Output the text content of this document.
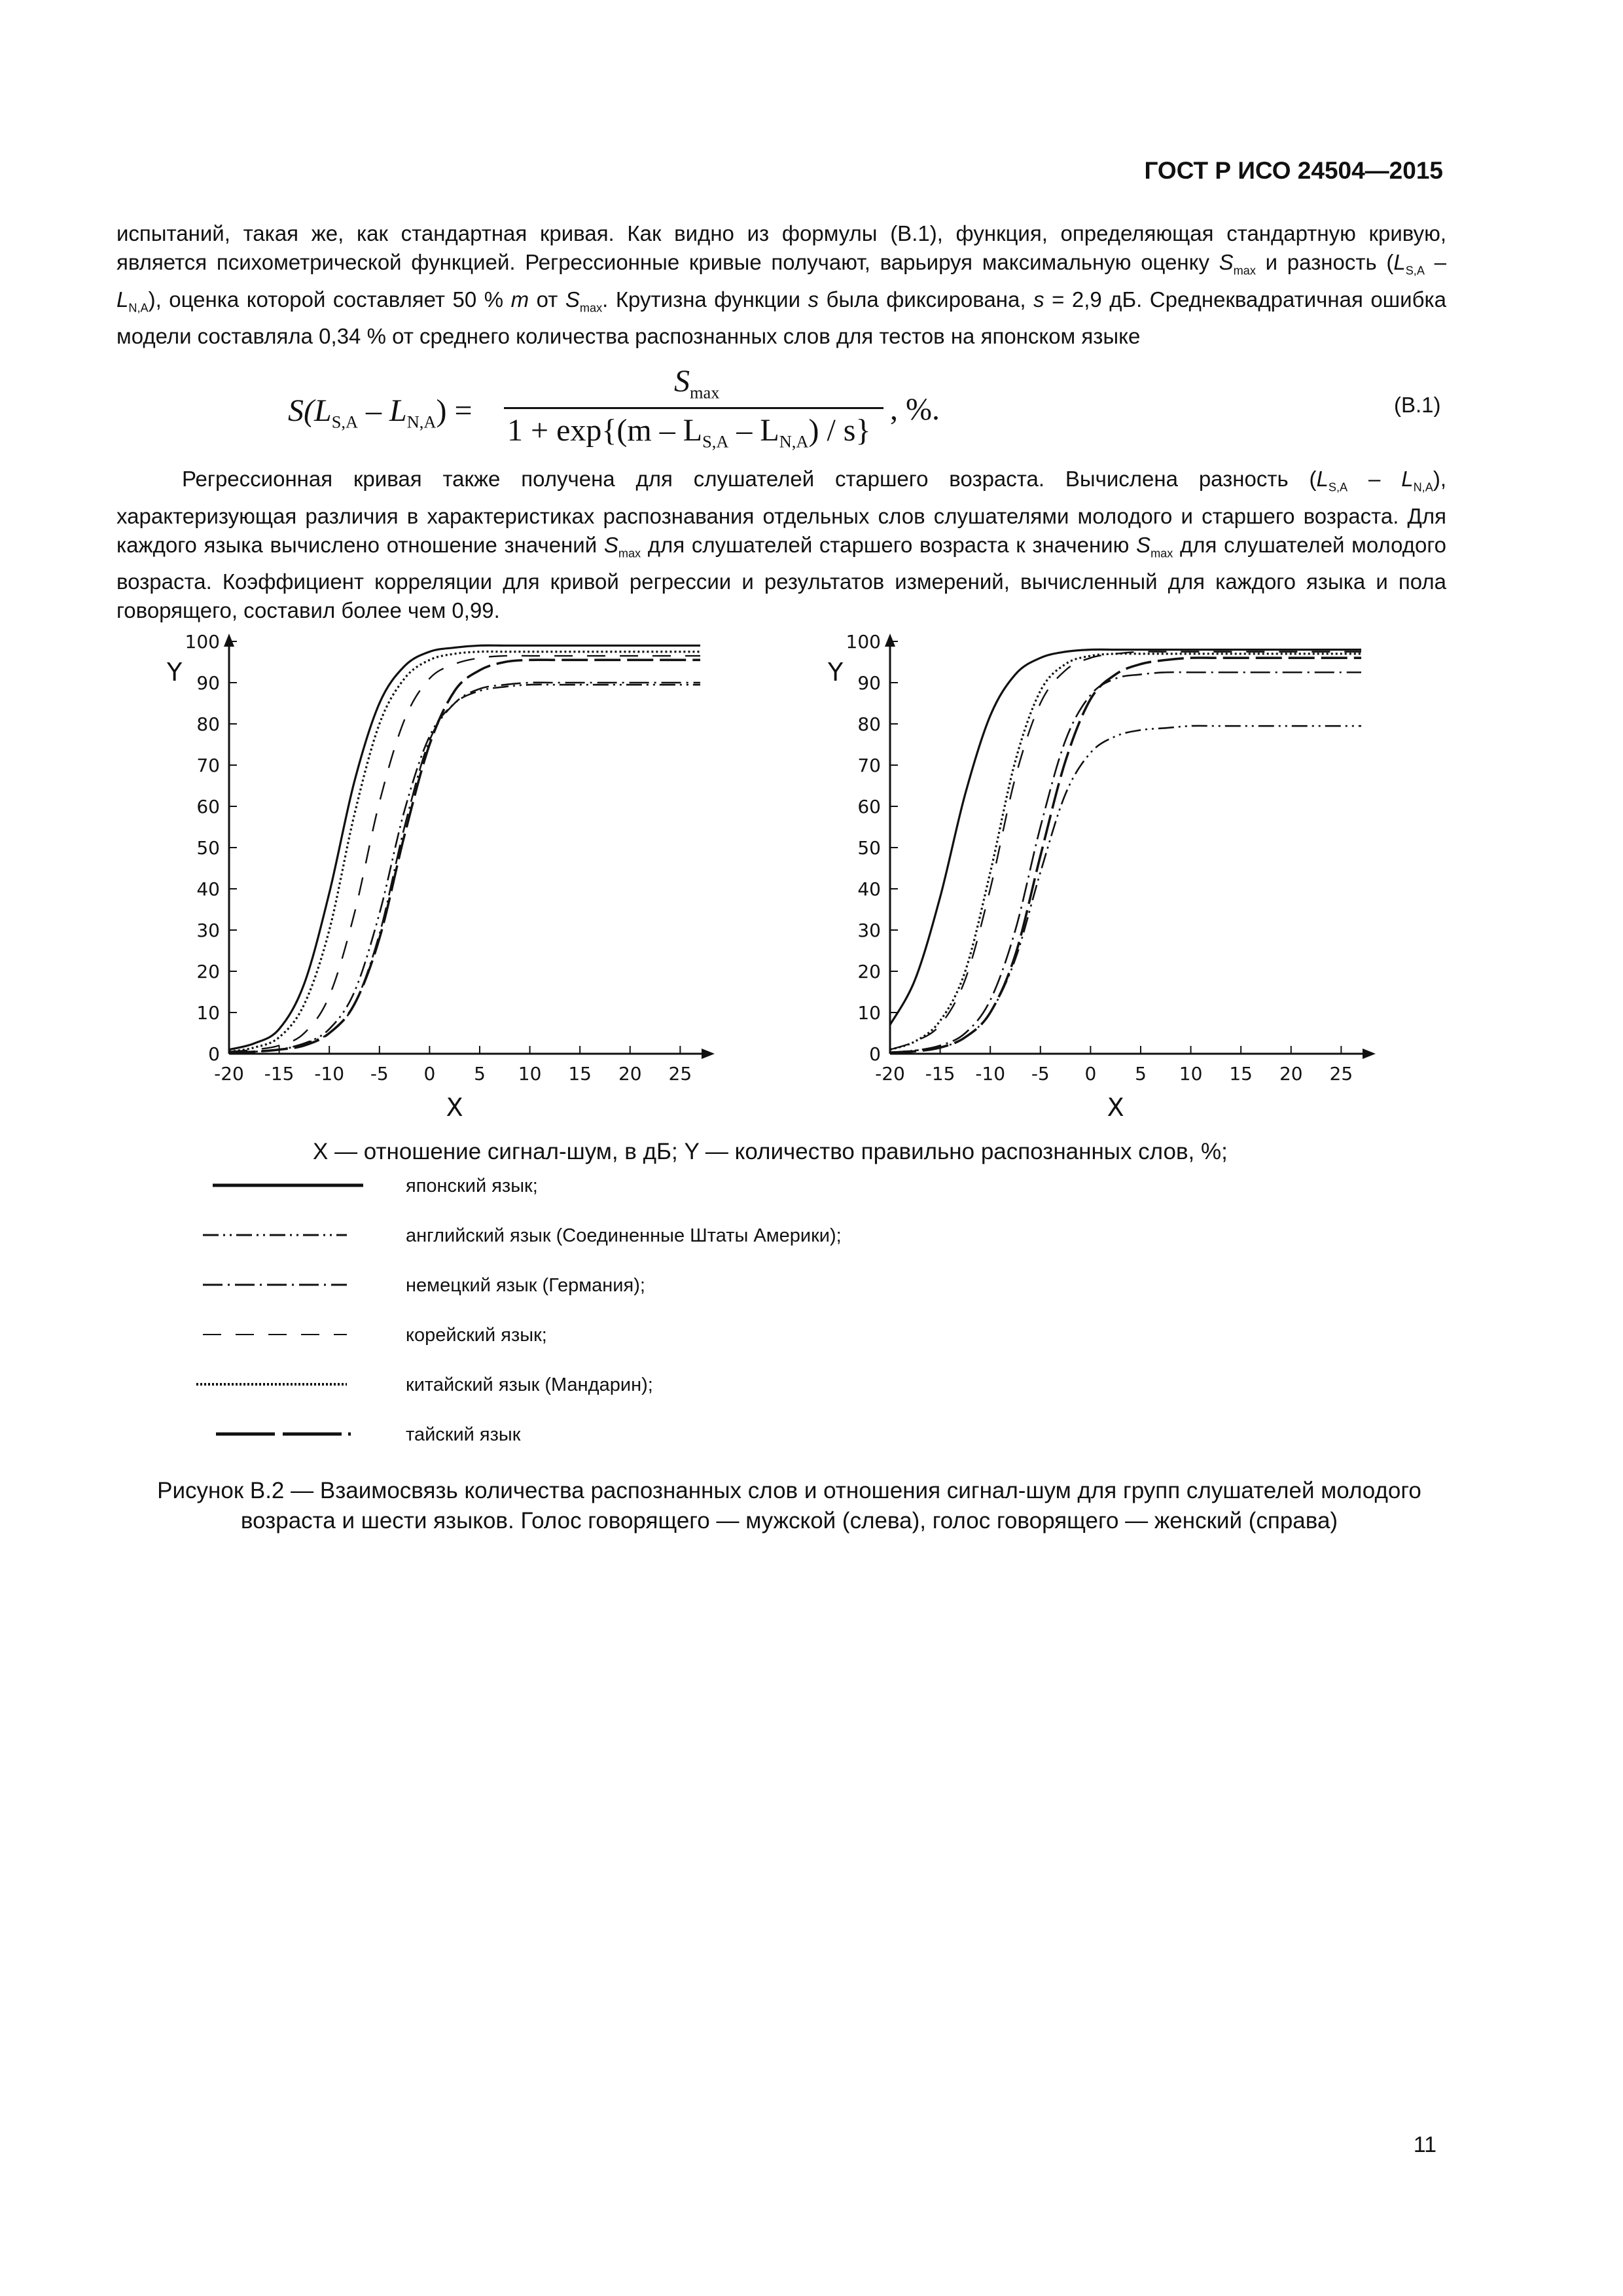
ГОСТ Р ИСО 24504—2015
испытаний, такая же, как стандартная кривая. Как видно из формулы (В.1), функция, определяющая стандартную кривую, является психометрической функцией. Регрессионные кривые получают, варьируя максимальную оценку $S_{max}$ и разность $(L_{S,A} - L_{N,A})$, оценка которой составляет 50 % m от $S_{max}$. Крутизна функции s была фиксирована, s = 2,9 дБ. Среднеквадратичная ошибка модели составляла 0,34 % от среднего количества распознанных слов для тестов на японском языке
$S(L_{S,A} - L_{N,A})$ =
$S_{max}$
$1 + \exp\{(m - L_{S,A} - L_{N,A}) / s\}$
, %.	(В.1)
Регрессионная кривая также получена для слушателей старшего возраста. Вычислена разность $(L_{S,A} - L_{N,A})$, характеризующая различия в характеристиках распознавания отдельных слов слушателями молодого и старшего возраста. Для каждого языка вычислено отношение значений $S_{max}$ для слушателей старшего возраста к значению $S_{max}$ для слушателей молодого возраста. Коэффициент корреляции для кривой регрессии и результатов измерений, вычисленный для каждого языка и пола говорящего, составил более чем 0,99.
0
10
20
30
40
50
60
70
80
90
100
-20 -15 -10 -5 0 5 10 15 20 25
Y
X
0
10
20
30
40
50
60
70
80
90
100
-20 -15 -10 -5 0 5 10 15 20 25
Y
X
X — отношение сигнал-шум, в дБ; Y — количество правильно распознанных слов, %;
японский язык;
английский язык (Соединенные Штаты Америки);
немецкий язык (Германия);
корейский язык;
китайский язык (Мандарин);
тайский язык
Рисунок В.2 — Взаимосвязь количества распознанных слов и отношения сигнал-шум для групп слушателей молодого возраста и шести языков. Голос говорящего — мужской (слева), голос говорящего — женский (справа)
11
